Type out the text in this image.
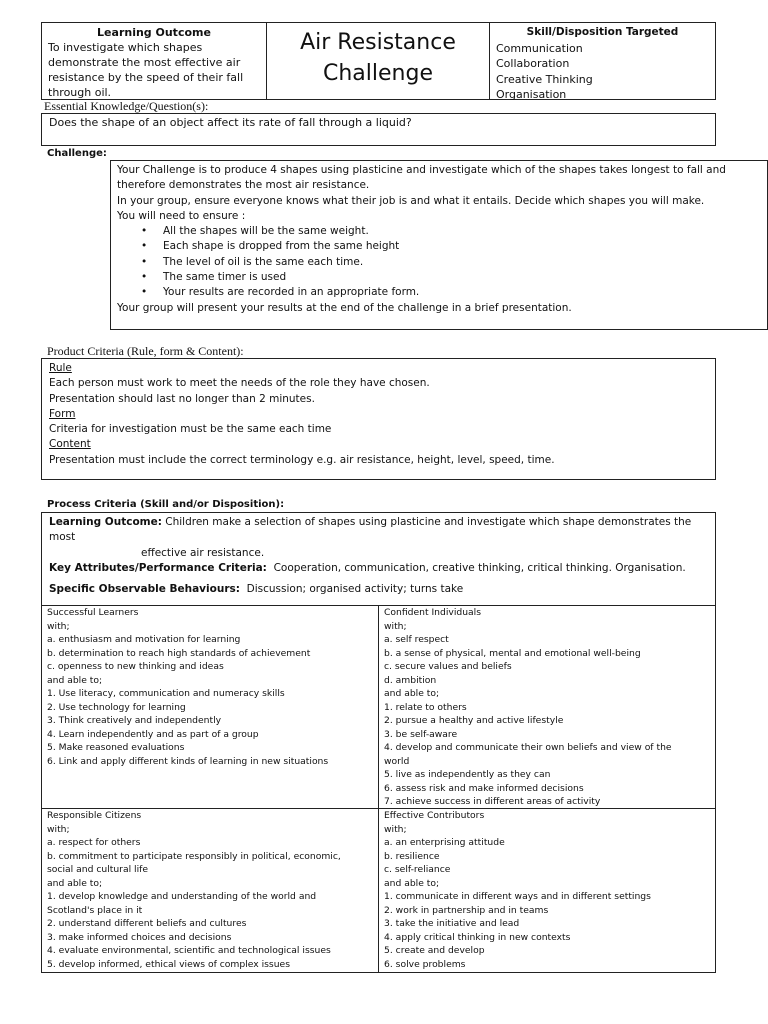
Learning Outcome
To investigate which shapes
demonstrate the most effective air
resistance by the speed of their fall
through oil.
Air Resistance
Challenge
Skill/Disposition Targeted
Communication
Collaboration
Creative Thinking
Organisation
Essential Knowledge/Question(s):
Does the shape of an object affect its rate of fall through a liquid?
Challenge:
Your Challenge is to produce 4 shapes using plasticine and investigate which of the shapes takes longest to fall and
therefore demonstrates the most air resistance.
In your group, ensure everyone knows what their job is and what it entails. Decide which shapes you will make.
You will need to ensure :
• All the shapes will be the same weight.
• Each shape is dropped from the same height
• The level of oil is the same each time.
• The same timer is used
• Your results are recorded in an appropriate form.
Your group will present your results at the end of the challenge in a brief presentation.
Product Criteria (Rule, form & Content):
Rule
Each person must work to meet the needs of the role they have chosen.
Presentation should last no longer than 2 minutes.
Form
Criteria for investigation must be the same each time
Content
Presentation must include the correct terminology e.g. air resistance, height, level, speed, time.
Process Criteria (Skill and/or Disposition):
Learning Outcome: Children make a selection of shapes using plasticine and investigate which shape demonstrates the
most
effective air resistance.
Key Attributes/Performance Criteria: Cooperation, communication, creative thinking, critical thinking. Organisation.
Specific Observable Behaviours: Discussion; organised activity; turns take
Successful Learners
with;
a. enthusiasm and motivation for learning
b. determination to reach high standards of achievement
c. openness to new thinking and ideas
and able to;
1. Use literacy, communication and numeracy skills
2. Use technology for learning
3. Think creatively and independently
4. Learn independently and as part of a group
5. Make reasoned evaluations
6. Link and apply different kinds of learning in new situations
Confident Individuals
with;
a. self respect
b. a sense of physical, mental and emotional well-being
c. secure values and beliefs
d. ambition
and able to;
1. relate to others
2. pursue a healthy and active lifestyle
3. be self-aware
4. develop and communicate their own beliefs and view of the
world
5. live as independently as they can
6. assess risk and make informed decisions
7. achieve success in different areas of activity
Responsible Citizens
with;
a. respect for others
b. commitment to participate responsibly in political, economic,
social and cultural life
and able to;
1. develop knowledge and understanding of the world and
Scotland's place in it
2. understand different beliefs and cultures
3. make informed choices and decisions
4. evaluate environmental, scientific and technological issues
5. develop informed, ethical views of complex issues
Effective Contributors
with;
a. an enterprising attitude
b. resilience
c. self-reliance
and able to;
1. communicate in different ways and in different settings
2. work in partnership and in teams
3. take the initiative and lead
4. apply critical thinking in new contexts
5. create and develop
6. solve problems
